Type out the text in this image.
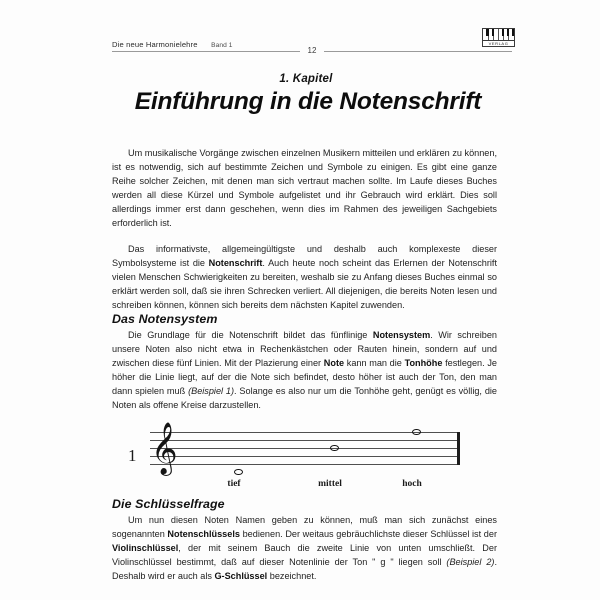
Die neue Harmonielehre Band 1
12
VERLAG
1. Kapitel
Einführung in die Notenschrift

Um musikalische Vorgänge zwischen einzelnen Musikern mitteilen und erklären zu können, ist es notwendig, sich auf bestimmte Zeichen und Symbole zu einigen. Es gibt eine ganze Reihe solcher Zeichen, mit denen man sich vertraut machen sollte. Im Laufe dieses Buches werden all diese Kürzel und Symbole aufgelistet und ihr Gebrauch wird erklärt. Dies soll allerdings immer erst dann geschehen, wenn dies im Rahmen des jeweiligen Sachgebiets erforderlich ist.

Das informativste, allgemeingültigste und deshalb auch komplexeste dieser Symbolsysteme ist die Notenschrift. Auch heute noch scheint das Erlernen der Notenschrift vielen Menschen Schwierigkeiten zu bereiten, weshalb sie zu Anfang dieses Buches einmal so erklärt werden soll, daß sie ihren Schrecken verliert. All diejenigen, die bereits Noten lesen und schreiben können, können sich bereits dem nächsten Kapitel zuwenden.

Das Notensystem

Die Grundlage für die Notenschrift bildet das fünflinige Notensystem. Wir schreiben unsere Noten also nicht etwa in Rechenkästchen oder Rauten hinein, sondern auf und zwischen diese fünf Linien. Mit der Plazierung einer Note kann man die Tonhöhe festlegen. Je höher die Linie liegt, auf der die Note sich befindet, desto höher ist auch der Ton, den man dann spielen muß (Beispiel 1). Solange es also nur um die Tonhöhe geht, genügt es völlig, die Noten als offene Kreise darzustellen.

1 𝄞
tief	mittel	hoch
Die Schlüsselfrage

Um nun diesen Noten Namen geben zu können, muß man sich zunächst eines sogenannten Notenschlüssels bedienen. Der weitaus gebräuchlichste dieser Schlüssel ist der Violinschlüssel, der mit seinem Bauch die zweite Linie von unten umschließt. Der Violinschlüssel bestimmt, daß auf dieser Notenlinie der Ton " g " liegen soll (Beispiel 2). Deshalb wird er auch als G-Schlüssel bezeichnet.
